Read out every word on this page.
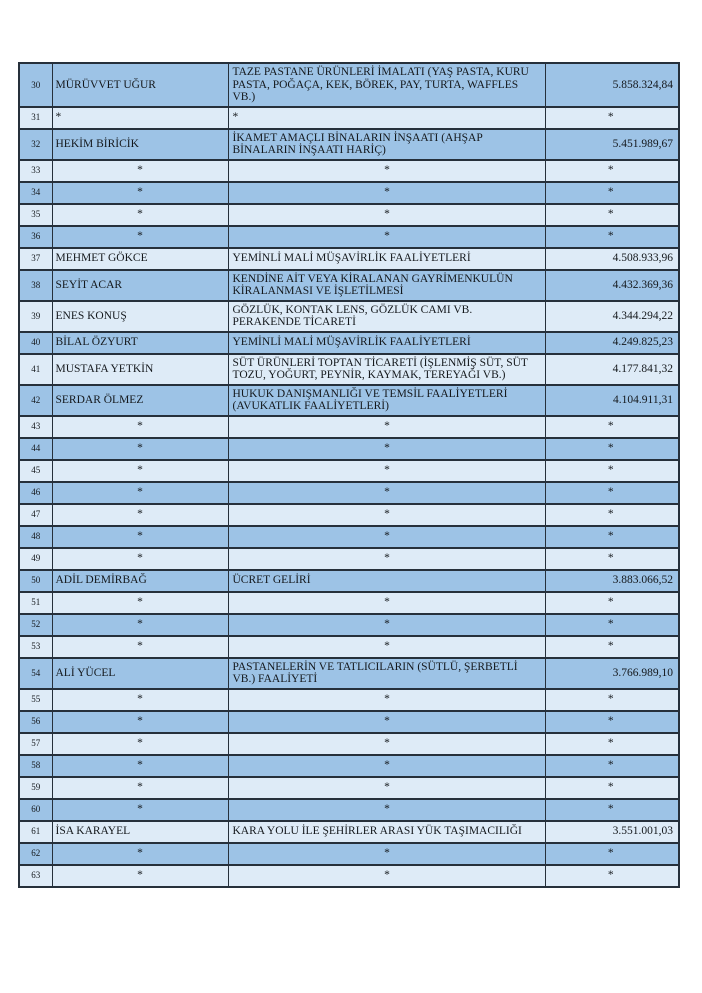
30	MÜRÜVVET UĞUR	TAZE PASTANE ÜRÜNLERİ İMALATI (YAŞ PASTA, KURU PASTA, POĞAÇA, KEK, BÖREK, PAY, TURTA, WAFFLES VB.)	5.858.324,84
31	*	*	*
32	HEKİM BİRİCİK	İKAMET AMAÇLI BİNALARIN İNŞAATI (AHŞAP BİNALARIN İNŞAATI HARİÇ)	5.451.989,67
33	*	*	*
34	*	*	*
35	*	*	*
36	*	*	*
37	MEHMET GÖKCE	YEMİNLİ MALİ MÜŞAVİRLİK FAALİYETLERİ	4.508.933,96
38	SEYİT ACAR	KENDİNE AİT VEYA KİRALANAN GAYRİMENKULÜN KİRALANMASI VE İŞLETİLMESİ	4.432.369,36
39	ENES KONUŞ	GÖZLÜK, KONTAK LENS, GÖZLÜK CAMI VB. PERAKENDE TİCARETİ	4.344.294,22
40	BİLAL ÖZYURT	YEMİNLİ MALİ MÜŞAVİRLİK FAALİYETLERİ	4.249.825,23
41	MUSTAFA YETKİN	SÜT ÜRÜNLERİ TOPTAN TİCARETİ (İŞLENMİŞ SÜT, SÜT TOZU, YOĞURT, PEYNİR, KAYMAK, TEREYAĞI VB.)	4.177.841,32
42	SERDAR ÖLMEZ	HUKUK DANIŞMANLIĞI VE TEMSİL FAALİYETLERİ (AVUKATLIK FAALİYETLERİ)	4.104.911,31
43	*	*	*
44	*	*	*
45	*	*	*
46	*	*	*
47	*	*	*
48	*	*	*
49	*	*	*
50	ADİL DEMİRBAĞ	ÜCRET GELİRİ	3.883.066,52
51	*	*	*
52	*	*	*
53	*	*	*
54	ALİ YÜCEL	PASTANELERİN VE TATLICILARIN (SÜTLÜ, ŞERBETLİ VB.) FAALİYETİ	3.766.989,10
55	*	*	*
56	*	*	*
57	*	*	*
58	*	*	*
59	*	*	*
60	*	*	*
61	İSA KARAYEL	KARA YOLU İLE ŞEHİRLER ARASI YÜK TAŞIMACILIĞI	3.551.001,03
62	*	*	*
63	*	*	*
